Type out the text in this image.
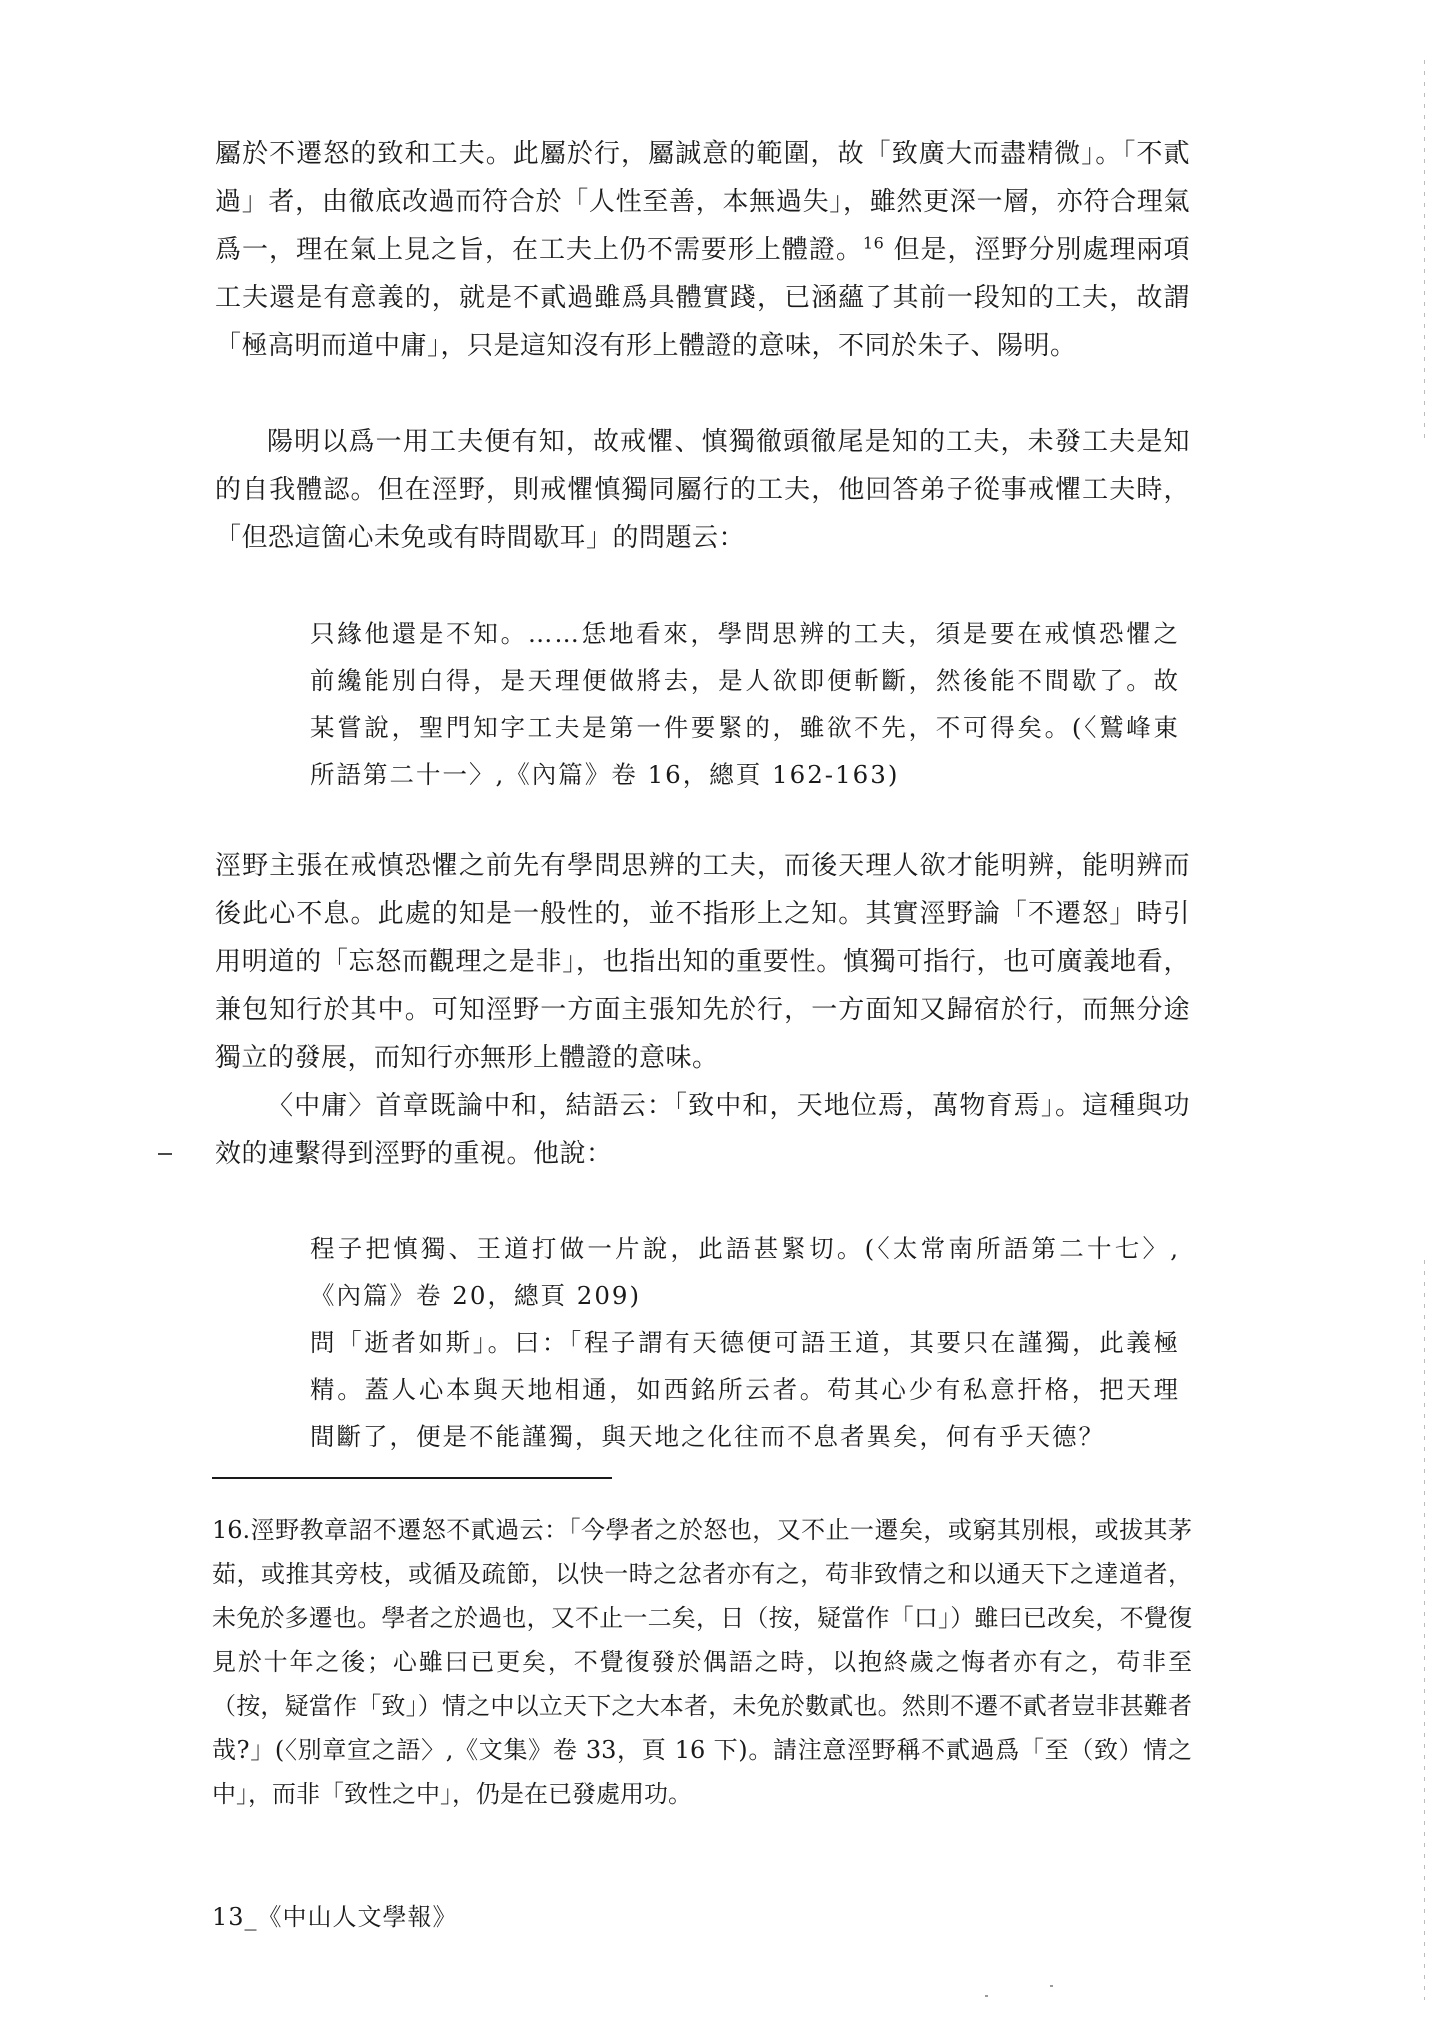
屬於不遷怒的致和工夫。此屬於行，屬誠意的範圍，故「致廣大而盡精微」。「不貳過」者，由徹底改過而符合於「人性至善，本無過失」，雖然更深一層，亦符合理氣爲一，理在氣上見之旨，在工夫上仍不需要形上體證。$^{16}$ 但是，涇野分別處理兩項工夫還是有意義的，就是不貳過雖爲具體實踐，已涵蘊了其前一段知的工夫，故謂「極高明而道中庸」，只是這知沒有形上體證的意味，不同於朱子、陽明。

陽明以爲一用工夫便有知，故戒懼、慎獨徹頭徹尾是知的工夫，未發工夫是知的自我體認。但在涇野，則戒懼慎獨同屬行的工夫，他回答弟子從事戒懼工夫時，「但恐這箇心未免或有時間歇耳」的問題云：

只緣他還是不知。……恁地看來，學問思辨的工夫，須是要在戒慎恐懼之前纔能別白得，是天理便做將去，是人欲即便斬斷，然後能不間歇了。故某嘗說，聖門知字工夫是第一件要緊的，雖欲不先，不可得矣。(〈鷲峰東所語第二十一〉,《內篇》卷 16，總頁 162-163)

涇野主張在戒慎恐懼之前先有學問思辨的工夫，而後天理人欲才能明辨，能明辨而後此心不息。此處的知是一般性的，並不指形上之知。其實涇野論「不遷怒」時引用明道的「忘怒而觀理之是非」，也指出知的重要性。慎獨可指行，也可廣義地看，兼包知行於其中。可知涇野一方面主張知先於行，一方面知又歸宿於行，而無分途獨立的發展，而知行亦無形上體證的意味。

〈中庸〉首章既論中和，結語云：「致中和，天地位焉，萬物育焉」。這種與功效的連繫得到涇野的重視。他說：

程子把慎獨、王道打做一片說，此語甚緊切。(〈太常南所語第二十七〉,《內篇》卷 20，總頁 209)

問「逝者如斯」。曰：「程子謂有天德便可語王道，其要只在謹獨，此義極精。蓋人心本與天地相通，如西銘所云者。苟其心少有私意扞格，把天理間斷了，便是不能謹獨，與天地之化往而不息者異矣，何有乎天德？

16.涇野教章詔不遷怒不貳過云：「今學者之於怒也，又不止一遷矣，或窮其別根，或拔其茅茹，或推其旁枝，或循及疏節，以快一時之忿者亦有之，苟非致情之和以通天下之達道者，未免於多遷也。學者之於過也，又不止一二矣，日（按，疑當作「口」）雖曰已改矣，不覺復見於十年之後；心雖曰已更矣，不覺復發於偶語之時，以抱終歲之悔者亦有之，苟非至（按，疑當作「致」）情之中以立天下之大本者，未免於數貳也。然則不遷不貳者豈非甚難者哉?」(〈別章宣之語〉,《文集》卷 33，頁 16 下)。請注意涇野稱不貳過爲「至（致）情之中」，而非「致性之中」，仍是在已發處用功。

13_《中山人文學報》
